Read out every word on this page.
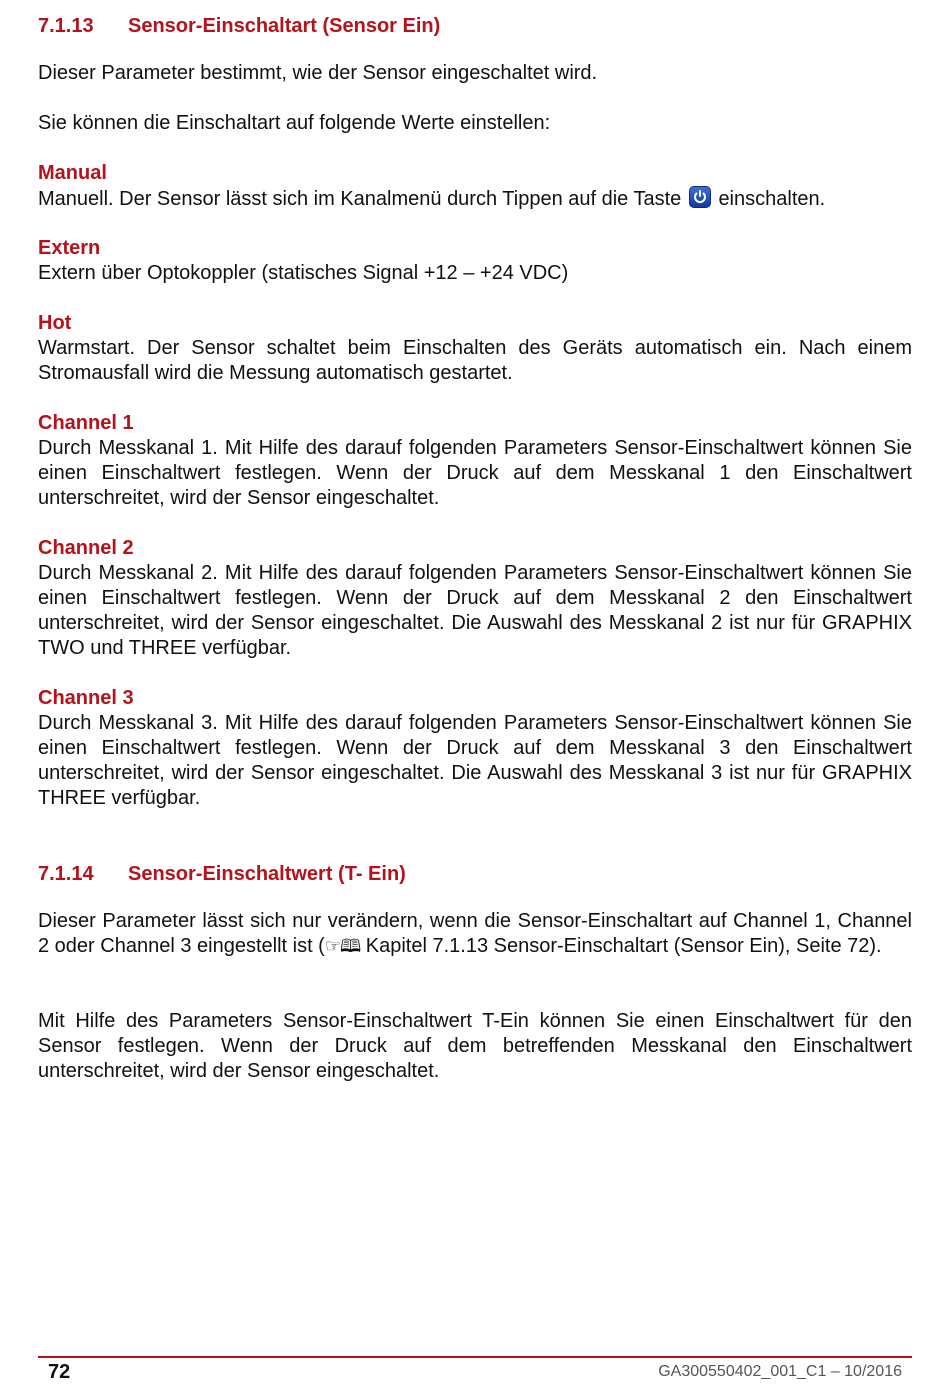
7.1.13 Sensor-Einschaltart (Sensor Ein)
Dieser Parameter bestimmt, wie der Sensor eingeschaltet wird.
Sie können die Einschaltart auf folgende Werte einstellen:
Manual
Manuell. Der Sensor lässt sich im Kanalmenü durch Tippen auf die Taste einschalten.
Extern
Extern über Optokoppler (statisches Signal +12 – +24 VDC)
Hot
Warmstart. Der Sensor schaltet beim Einschalten des Geräts automatisch ein. Nach einem Stromausfall wird die Messung automatisch gestartet.
Channel 1
Durch Messkanal 1. Mit Hilfe des darauf folgenden Parameters Sensor-Einschaltwert können Sie einen Einschaltwert festlegen. Wenn der Druck auf dem Messkanal 1 den Einschaltwert unterschreitet, wird der Sensor eingeschaltet.
Channel 2
Durch Messkanal 2. Mit Hilfe des darauf folgenden Parameters Sensor-Einschaltwert können Sie einen Einschaltwert festlegen. Wenn der Druck auf dem Messkanal 2 den Einschaltwert unterschreitet, wird der Sensor eingeschaltet. Die Auswahl des Messkanal 2 ist nur für GRAPHIX TWO und THREE verfügbar.
Channel 3
Durch Messkanal 3. Mit Hilfe des darauf folgenden Parameters Sensor-Einschaltwert können Sie einen Einschaltwert festlegen. Wenn der Druck auf dem Messkanal 3 den Einschaltwert unterschreitet, wird der Sensor eingeschaltet. Die Auswahl des Messkanal 3 ist nur für GRAPHIX THREE verfügbar.
7.1.14 Sensor-Einschaltwert (T- Ein)
Dieser Parameter lässt sich nur verändern, wenn die Sensor-Einschaltart auf Channel 1, Channel 2 oder Channel 3 eingestellt ist (☞🕮 Kapitel 7.1.13 Sensor-Einschaltart (Sensor Ein), Seite 72).
Mit Hilfe des Parameters Sensor-Einschaltwert T-Ein können Sie einen Einschaltwert für den Sensor festlegen. Wenn der Druck auf dem betreffenden Messkanal den Einschaltwert unterschreitet, wird der Sensor eingeschaltet.
72	GA300550402_001_C1 – 10/2016
